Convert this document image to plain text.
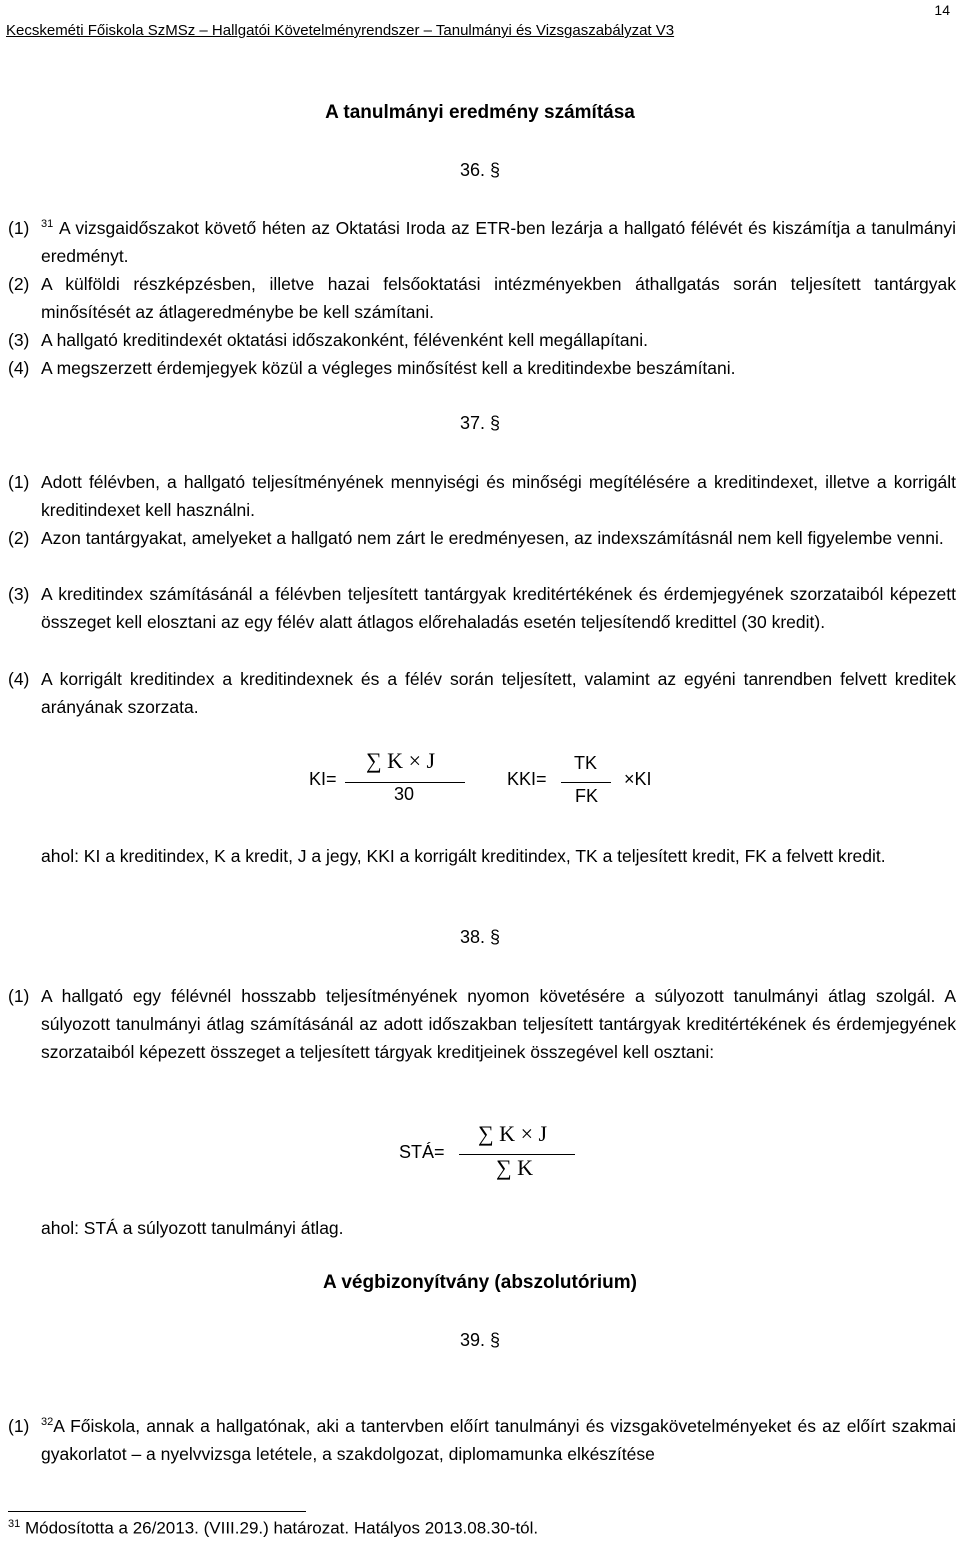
14
Kecskeméti Főiskola SzMSz – Hallgatói Követelményrendszer – Tanulmányi és Vizsgaszabályzat V3
A tanulmányi eredmény számítása
36. §
(1) $^{31}$ A vizsgaidőszakot követő héten az Oktatási Iroda az ETR-ben lezárja a hallgató félévét és kiszámítja a tanulmányi eredményt.
(2) A külföldi részképzésben, illetve hazai felsőoktatási intézményekben áthallgatás során teljesített tantárgyak minősítését az átlageredménybe be kell számítani.
(3) A hallgató kreditindexét oktatási időszakonként, félévenként kell megállapítani.
(4) A megszerzett érdemjegyek közül a végleges minősítést kell a kreditindexbe beszámítani.
37. §
(1) Adott félévben, a hallgató teljesítményének mennyiségi és minőségi megítélésére a kreditindexet, illetve a korrigált kreditindexet kell használni.
(2) Azon tantárgyakat, amelyeket a hallgató nem zárt le eredményesen, az indexszámításnál nem kell figyelembe venni.
(3) A kreditindex számításánál a félévben teljesített tantárgyak kreditértékének és érdemjegyének szorzataiból képezett összeget kell elosztani az egy félév alatt átlagos előrehaladás esetén teljesítendő kredittel (30 kredit).
(4) A korrigált kreditindex a kreditindexnek és a félév során teljesített, valamint az egyéni tanrendben felvett kreditek arányának szorzata.
KI=
∑ K × J
30
KKI=
TK
FK
×KI
ahol: KI a kreditindex, K a kredit, J a jegy, KKI a korrigált kreditindex, TK a teljesített kredit, FK a felvett kredit.
38. §
(1) A hallgató egy félévnél hosszabb teljesítményének nyomon követésére a súlyozott tanulmányi átlag szolgál. A súlyozott tanulmányi átlag számításánál az adott időszakban teljesített tantárgyak kreditértékének és érdemjegyének szorzataiból képezett összeget a teljesített tárgyak kreditjeinek összegével kell osztani:
STÁ=
∑ K × J
∑ K
ahol: STÁ a súlyozott tanulmányi átlag.
A végbizonyítvány (abszolutórium)
39. §
(1) $^{32}$A Főiskola, annak a hallgatónak, aki a tantervben előírt tanulmányi és vizsgakövetelményeket és az előírt szakmai gyakorlatot – a nyelvvizsga letétele, a szakdolgozat, diplomamunka elkészítése
$^{31}$ Módosította a 26/2013. (VIII.29.) határozat. Hatályos 2013.08.30-tól.
